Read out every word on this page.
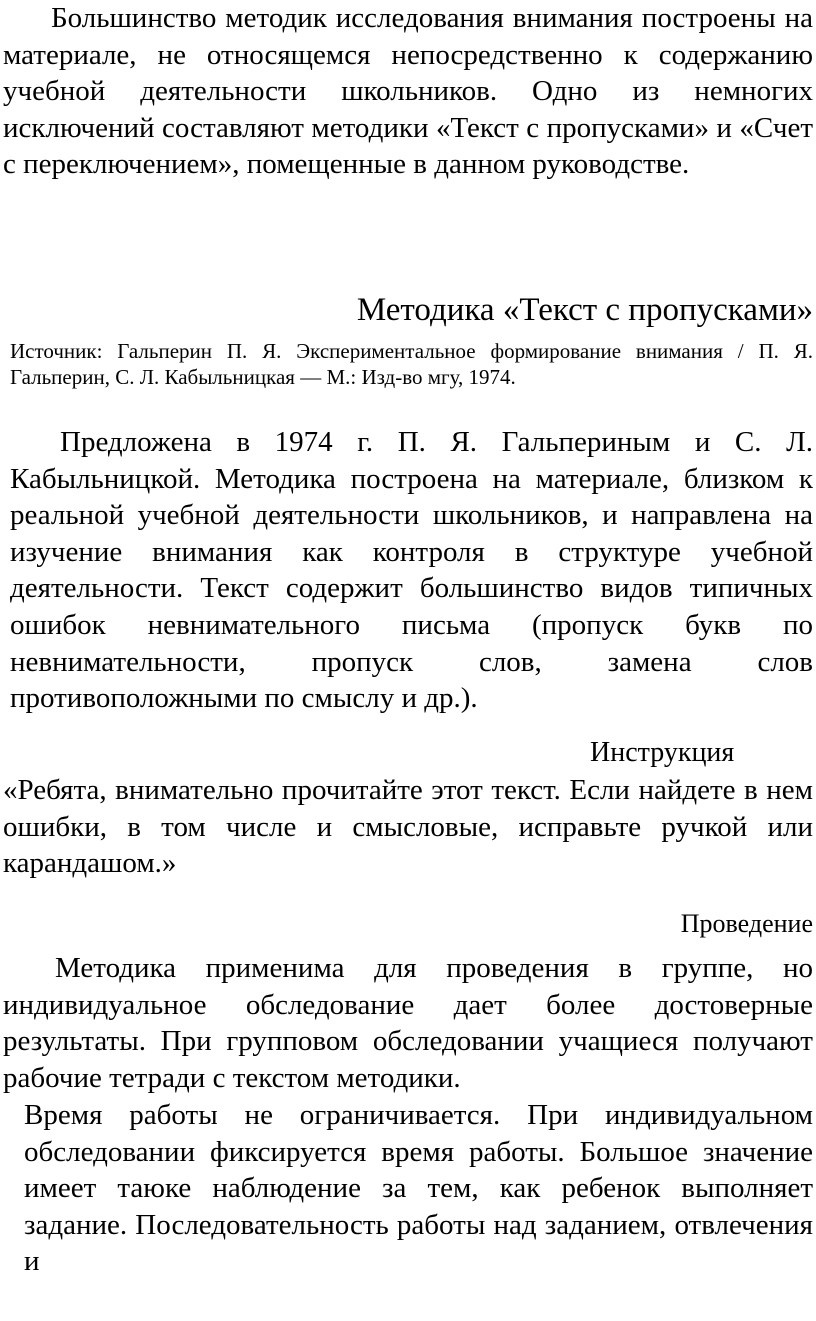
Большинство методик исследования внимания построены на материале, не относящемся непосредственно к содержанию учебной деятельности школьников. Одно из немногих исключений составляют методики «Текст с пропусками» и «Счет с переключением», помещенные в данном руководстве.

Методика «Текст с пропусками»

Источник: Гальперин П. Я. Экспериментальное формирование внимания / П. Я. Гальперин, С. Л. Кабыльницкая — М.: Изд-во мгу, 1974.

Предложена в 1974 г. П. Я. Гальпериным и С. Л. Кабыльницкой. Методика построена на материале, близком к реальной учебной деятельности школьников, и направлена на изучение внимания как контроля в структуре учебной деятельности. Текст содержит большинство видов типичных ошибок невнимательного письма (пропуск букв по невнимательности, пропуск слов, замена слов противоположными по смыслу и др.).

Инструкция

«Ребята, внимательно прочитайте этот текст. Если найдете в нем ошибки, в том числе и смысловые, исправьте ручкой или карандашом.»

Проведение

Методика применима для проведения в группе, но индивидуальное обследование дает более достоверные результаты. При групповом обследовании учащиеся получают рабочие тетради с текстом методики.

Время работы не ограничивается. При индивидуальном обследовании фиксируется время работы. Большое значение имеет таюке наблюдение за тем, как ребенок выполняет задание. Последовательность работы над заданием, отвлечения и
